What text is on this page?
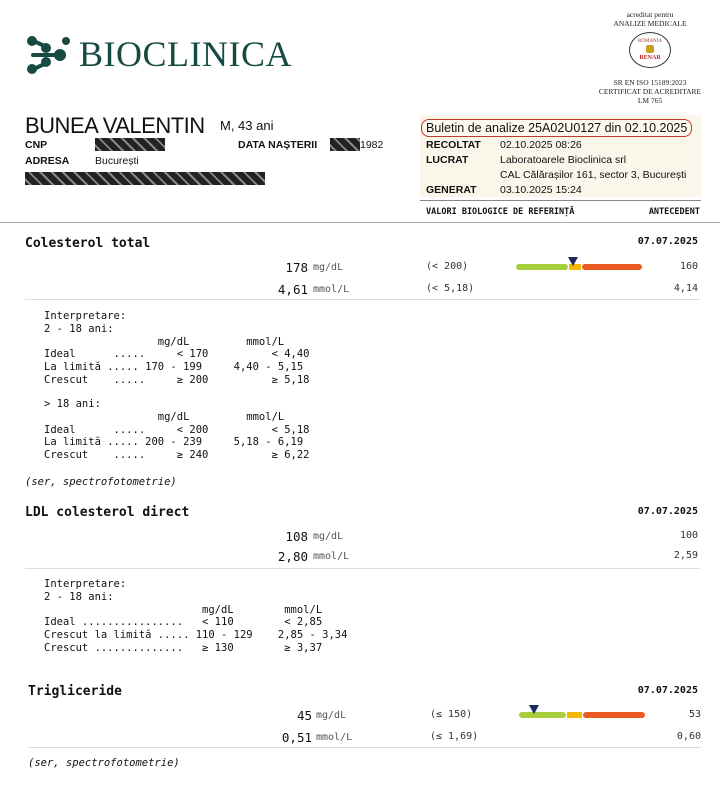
BIOCLINICA
acreditat pentru
ANALIZE MEDICALE
ROMANIA
RENAR
SR EN ISO 15189:2023
CERTIFICAT DE ACREDITARE
LM 765
BUNEA VALENTIN M, 43 ani
CNP	DATA NAȘTERII	1982
ADRESA București
Buletin de analize 25A02U0127 din 02.10.2025
RECOLTAT 02.10.2025 08:26
LUCRAT	Laboratoarele Bioclinica srl
CAL Călărașilor 161, sector 3, București
GENERAT 03.10.2025 15:24
VALORI BIOLOGICE DE REFERINȚĂ	ANTECEDENT
Colesterol total	07.07.2025
178 mg/dL	(< 200)	160
4,61 mmol/L	(< 5,18)	4,14
Interpretare:
2 - 18 ani:
mg/dL         mmol/L
Ideal      .....     < 170          < 4,40
La limită ..... 170 - 199     4,40 - 5,15
Crescut    .....     ≥ 200          ≥ 5,18
> 18 ani:
mg/dL         mmol/L
Ideal      .....     < 200          < 5,18
La limită ..... 200 - 239     5,18 - 6,19
Crescut    .....     ≥ 240          ≥ 6,22
(ser, spectrofotometrie)
LDL colesterol direct	07.07.2025
108 mg/dL	100
2,80 mmol/L	2,59
Interpretare:
2 - 18 ani:
mg/dL        mmol/L
Ideal ................   < 110        < 2,85
Crescut la limită ..... 110 - 129    2,85 - 3,34
Crescut ..............   ≥ 130        ≥ 3,37
Trigliceride	07.07.2025
45 mg/dL	(≤ 150)	53
0,51 mmol/L	(≤ 1,69)	0,60
(ser, spectrofotometrie)
